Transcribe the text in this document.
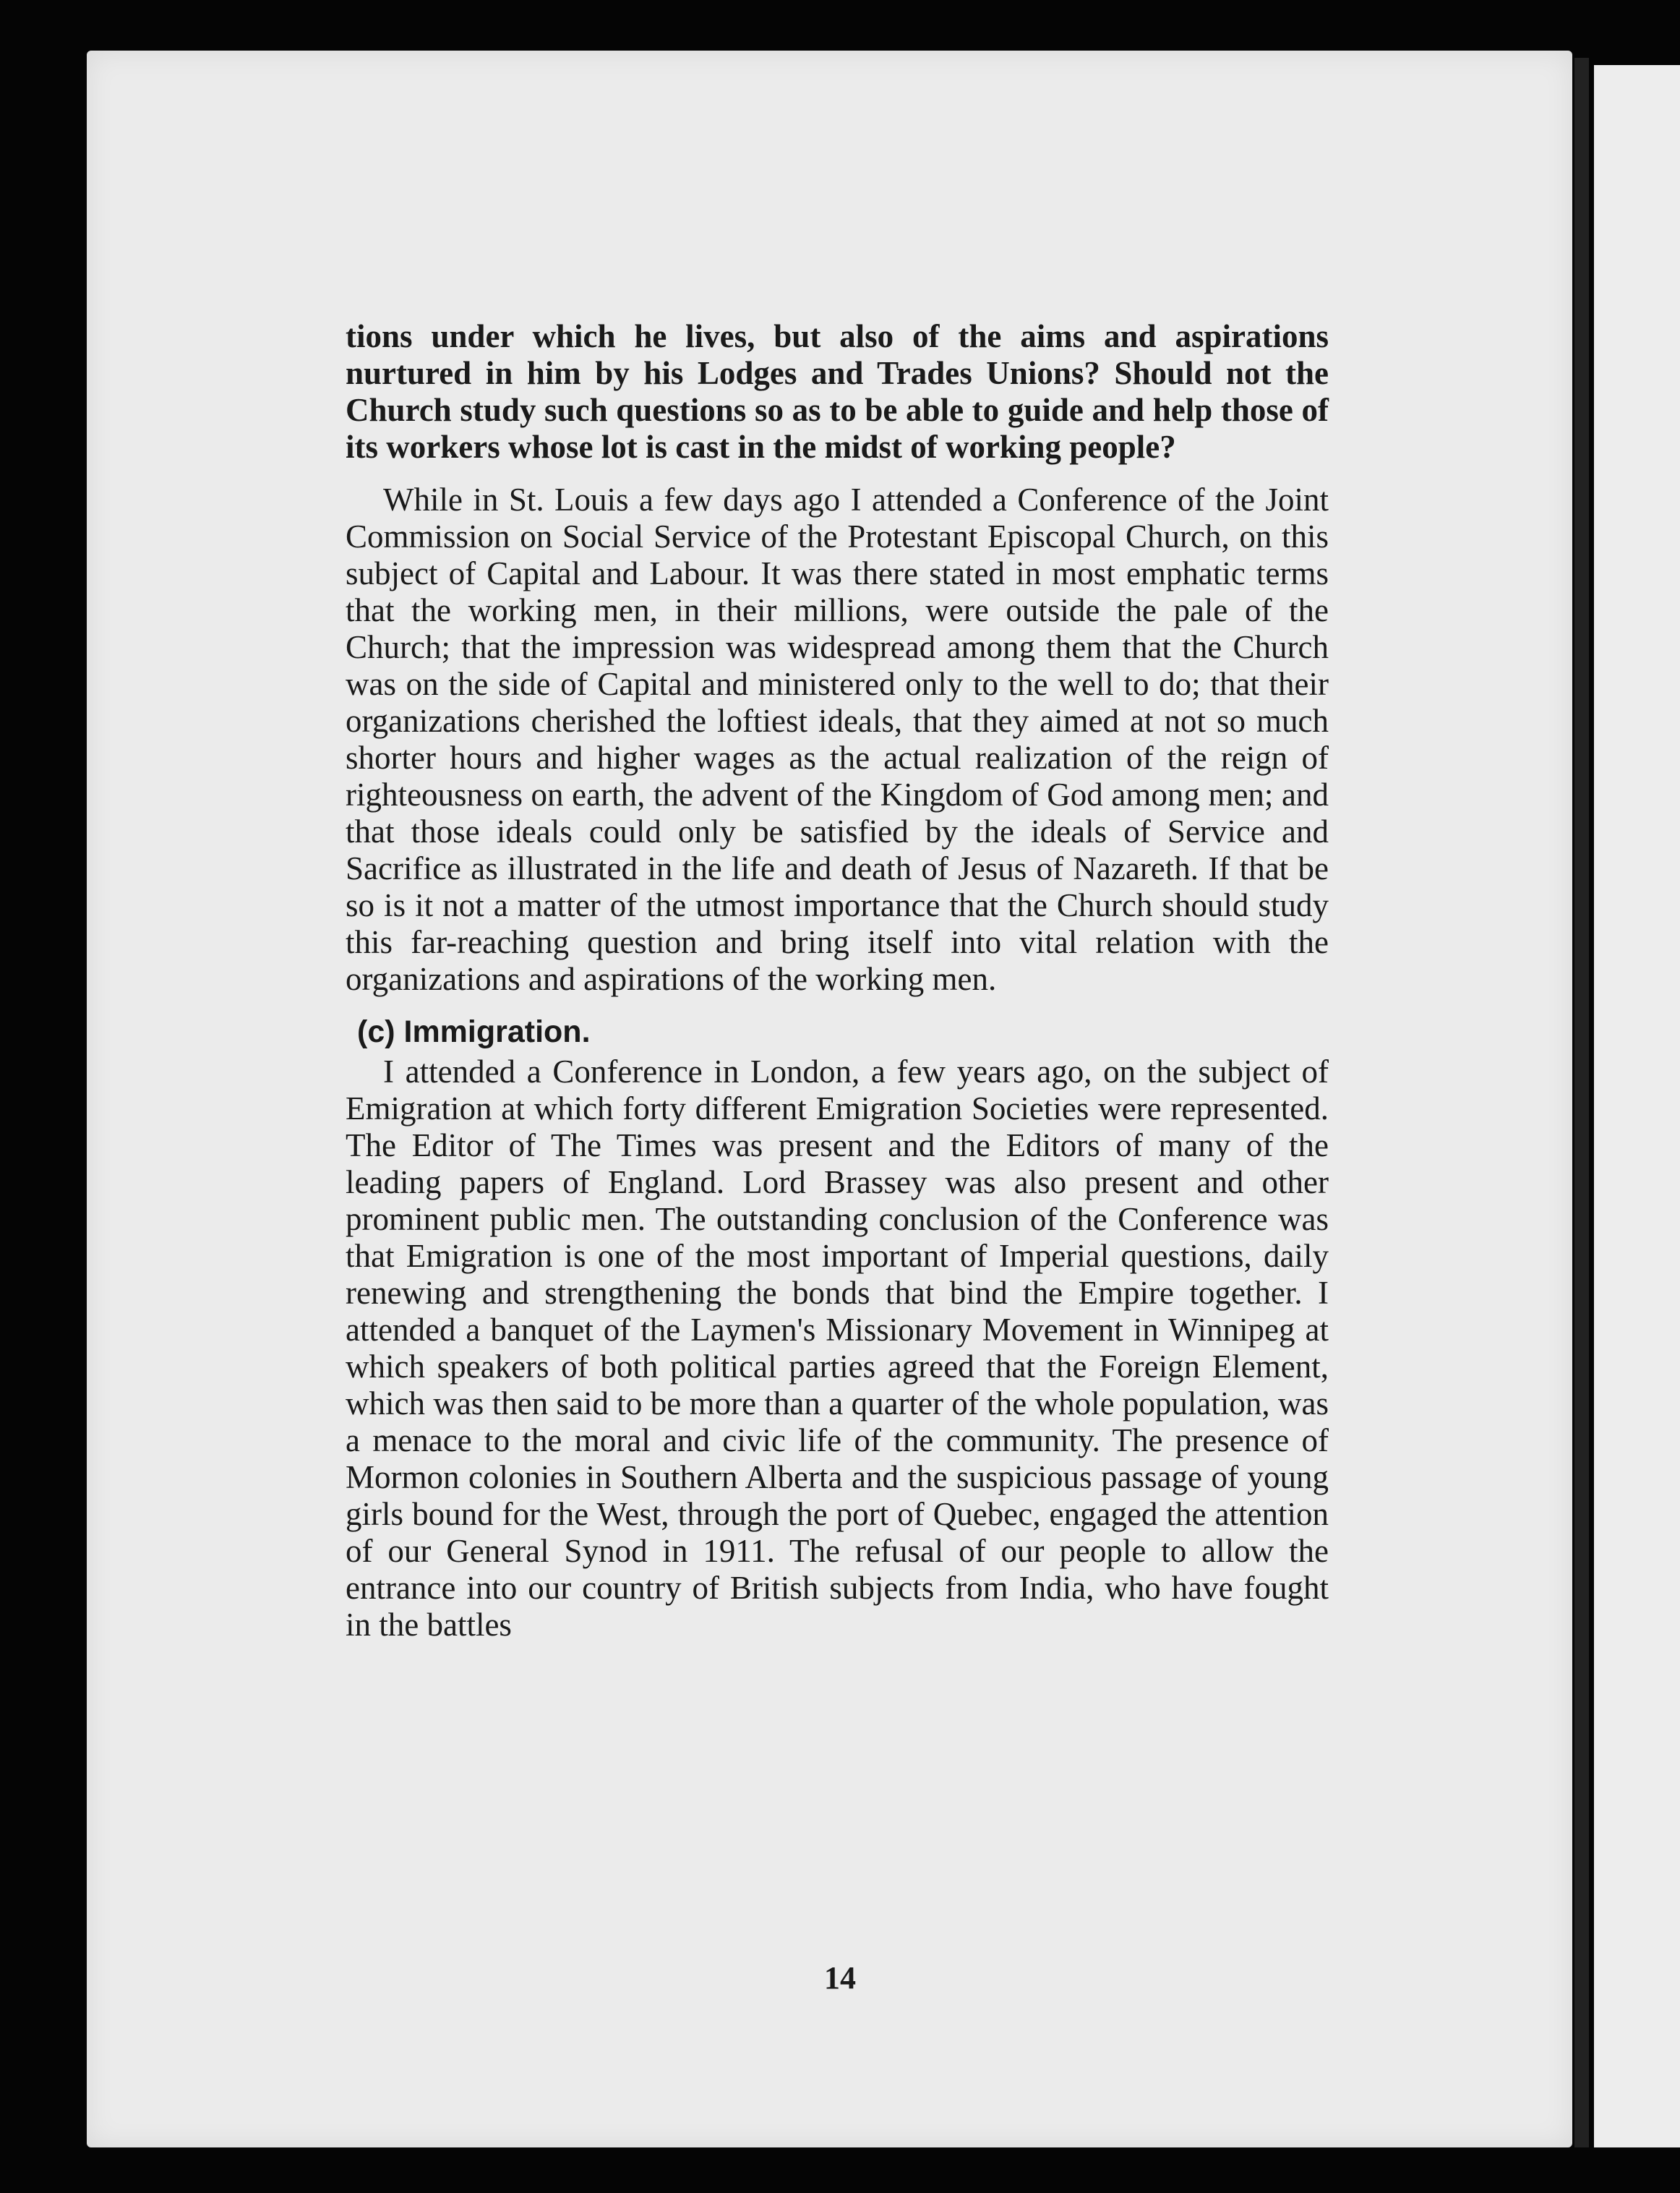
tions under which he lives, but also of the aims and aspirations nurtured in him by his Lodges and Trades Unions? Should not the Church study such questions so as to be able to guide and help those of its workers whose lot is cast in the midst of working people?

While in St. Louis a few days ago I attended a Conference of the Joint Commission on Social Service of the Protestant Episcopal Church, on this subject of Capital and Labour. It was there stated in most emphatic terms that the working men, in their millions, were outside the pale of the Church; that the impression was widespread among them that the Church was on the side of Capital and ministered only to the well to do; that their organizations cherished the loftiest ideals, that they aimed at not so much shorter hours and higher wages as the actual realization of the reign of righteousness on earth, the advent of the Kingdom of God among men; and that those ideals could only be satisfied by the ideals of Service and Sacrifice as illustrated in the life and death of Jesus of Nazareth. If that be so is it not a matter of the utmost importance that the Church should study this far-reaching question and bring itself into vital relation with the organizations and aspirations of the working men.

(c) Immigration.

I attended a Conference in London, a few years ago, on the subject of Emigration at which forty different Emigration Societies were represented. The Editor of The Times was present and the Editors of many of the leading papers of England. Lord Brassey was also present and other prominent public men. The outstanding conclusion of the Conference was that Emigration is one of the most important of Imperial questions, daily renewing and strengthening the bonds that bind the Empire together. I attended a banquet of the Laymen's Missionary Movement in Winnipeg at which speakers of both political parties agreed that the Foreign Element, which was then said to be more than a quarter of the whole population, was a menace to the moral and civic life of the community. The presence of Mormon colonies in Southern Alberta and the suspicious passage of young girls bound for the West, through the port of Quebec, engaged the attention of our General Synod in 1911. The refusal of our people to allow the entrance into our country of British subjects from India, who have fought in the battles

14
